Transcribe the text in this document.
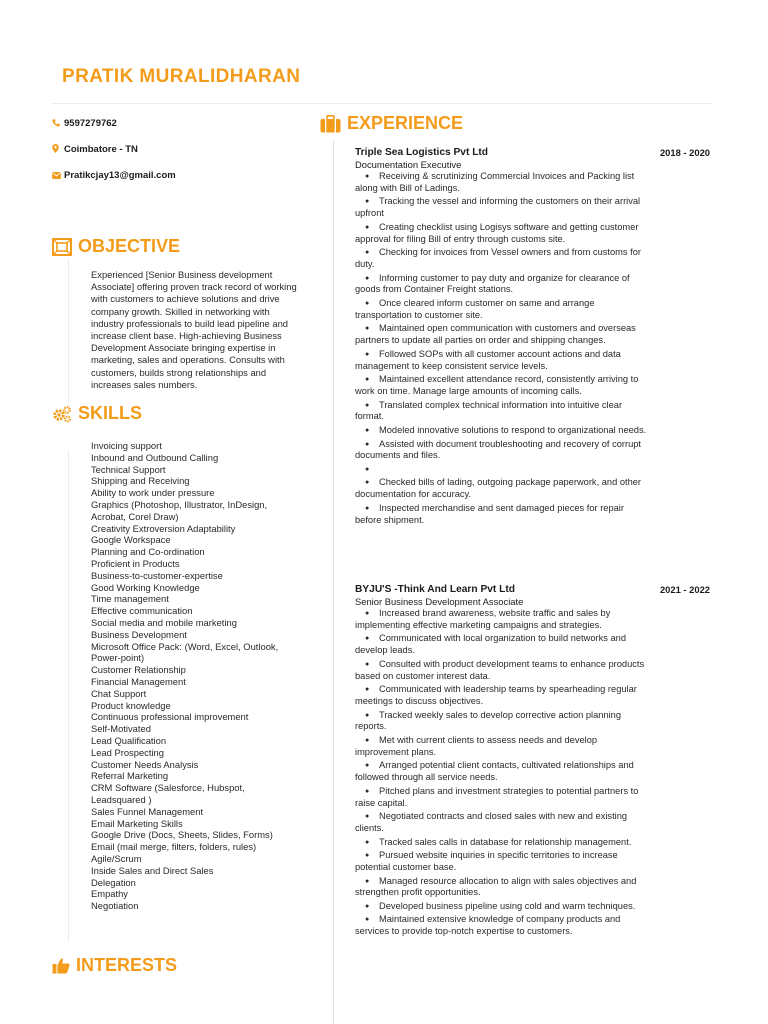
PRATIK MURALIDHARAN
9597279762
Coimbatore - TN
Pratikcjay13@gmail.com
OBJECTIVE
Experienced [Senior Business development Associate] offering proven track record of working with customers to achieve solutions and drive company growth. Skilled in networking with industry professionals to build lead pipeline and increase client base. High-achieving Business Development Associate bringing expertise in marketing, sales and operations. Consults with customers, builds strong relationships and increases sales numbers.
SKILLS
Invoicing support
Inbound and Outbound Calling
Technical Support
Shipping and Receiving
Ability to work under pressure
Graphics (Photoshop, Illustrator, InDesign, Acrobat, Corel Draw)
Creativity Extroversion Adaptability
Google Workspace
Planning and Co-ordination
Proficient in Products
Business-to-customer-expertise
Good Working Knowledge
Time management
Effective communication
Social media and mobile marketing
Business Development
Microsoft Office Pack: (Word, Excel, Outlook, Power-point)
Customer Relationship
Financial Management
Chat Support
Product knowledge
Continuous professional improvement
Self-Motivated
Lead Qualification
Lead Prospecting
Customer Needs Analysis
Referral Marketing
CRM Software (Salesforce, Hubspot, Leadsquared )
Sales Funnel Management
Email Marketing Skills
Google Drive (Docs, Sheets, Slides, Forms)
Email (mail merge, filters, folders, rules)
Agile/Scrum
Inside Sales and Direct Sales
Delegation
Empathy
Negotiation
INTERESTS
EXPERIENCE
Triple Sea Logistics Pvt Ltd	2018 - 2020
Documentation Executive
● Receiving & scrutinizing Commercial Invoices and Packing list along with Bill of Ladings.
● Tracking the vessel and informing the customers on their arrival upfront
● Creating checklist using Logisys software and getting customer approval for filing Bill of entry through customs site.
● Checking for invoices from Vessel owners and from customs for duty.
● Informing customer to pay duty and organize for clearance of goods from Container Freight stations.
● Once cleared inform customer on same and arrange transportation to customer site.
● Maintained open communication with customers and overseas partners to update all parties on order and shipping changes.
● Followed SOPs with all customer account actions and data management to keep consistent service levels.
● Maintained excellent attendance record, consistently arriving to work on time. Manage large amounts of incoming calls.
● Translated complex technical information into intuitive clear format.
● Modeled innovative solutions to respond to organizational needs.
● Assisted with document troubleshooting and recovery of corrupt documents and files.
●
● Checked bills of lading, outgoing package paperwork, and other documentation for accuracy.
● Inspected merchandise and sent damaged pieces for repair before shipment.
BYJU'S -Think And Learn Pvt Ltd	2021 - 2022
Senior Business Development Associate
● Increased brand awareness, website traffic and sales by implementing effective marketing campaigns and strategies.
● Communicated with local organization to build networks and develop leads.
● Consulted with product development teams to enhance products based on customer interest data.
● Communicated with leadership teams by spearheading regular meetings to discuss objectives.
● Tracked weekly sales to develop corrective action planning reports.
● Met with current clients to assess needs and develop improvement plans.
● Arranged potential client contacts, cultivated relationships and followed through all service needs.
● Pitched plans and investment strategies to potential partners to raise capital.
● Negotiated contracts and closed sales with new and existing clients.
● Tracked sales calls in database for relationship management.
● Pursued website inquiries in specific territories to increase potential customer base.
● Managed resource allocation to align with sales objectives and strengthen profit opportunities.
● Developed business pipeline using cold and warm techniques.
● Maintained extensive knowledge of company products and services to provide top-notch expertise to customers.
